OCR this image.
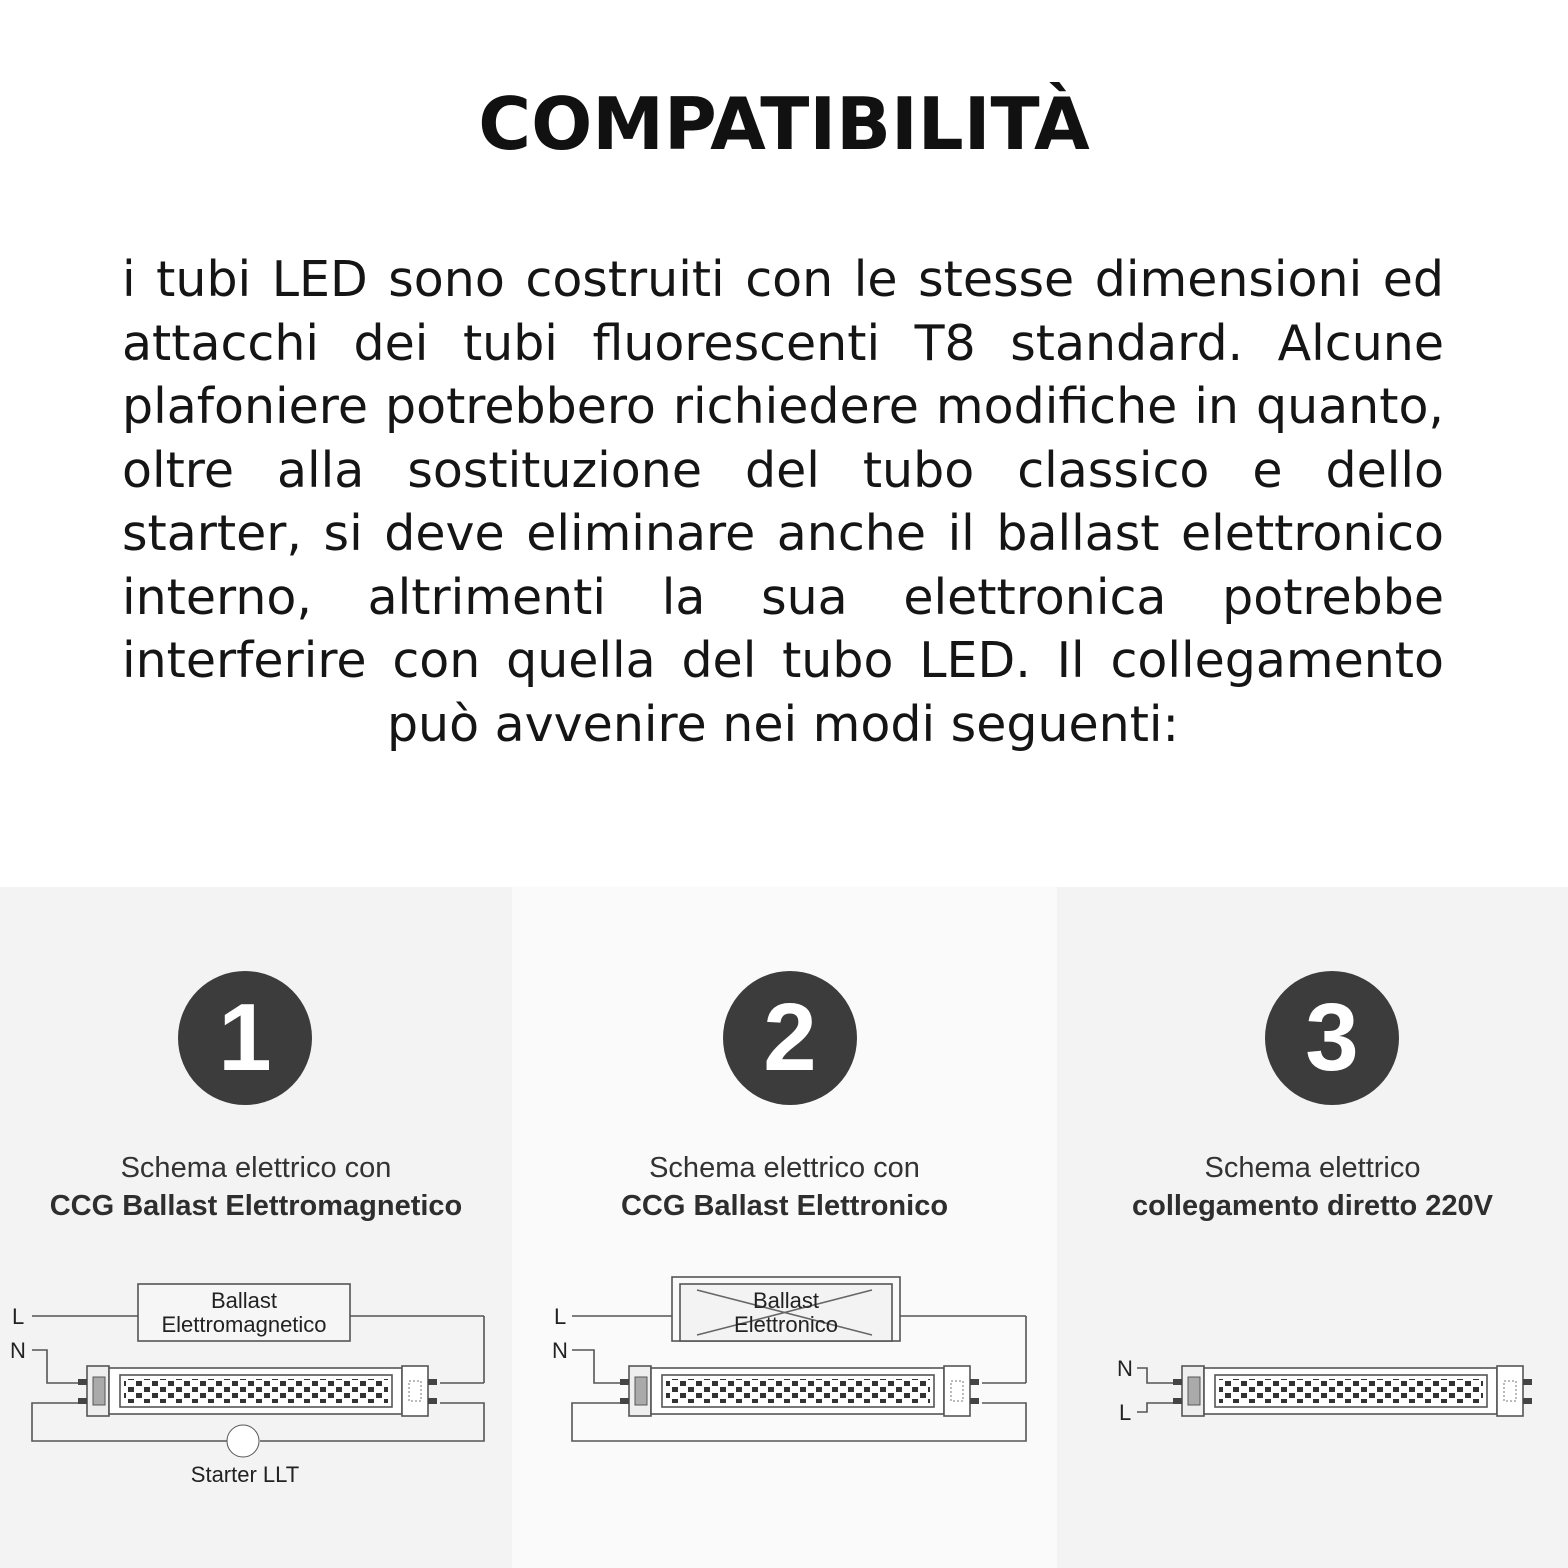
COMPATIBILITÀ

i tubi LED sono costruiti con le stesse dimensioni ed attacchi dei tubi fluorescenti T8 standard. Alcune plafoniere potrebbero richiedere modifiche in quanto, oltre alla sostituzione del tubo classico e dello starter, si deve eliminare anche il ballast elettronico interno, altrimenti la sua elettronica potrebbe interferire con quella del tubo LED. Il collegamento può avvenire nei modi seguenti:

1
Schema elettrico con
CCG Ballast Elettromagnetico
Ballast
Elettromagnetico
L
N
Starter LLT
2
Schema elettrico con
CCG Ballast Elettronico
Ballast
Elettronico
L
N
3
Schema elettrico
collegamento diretto 220V
N
L
